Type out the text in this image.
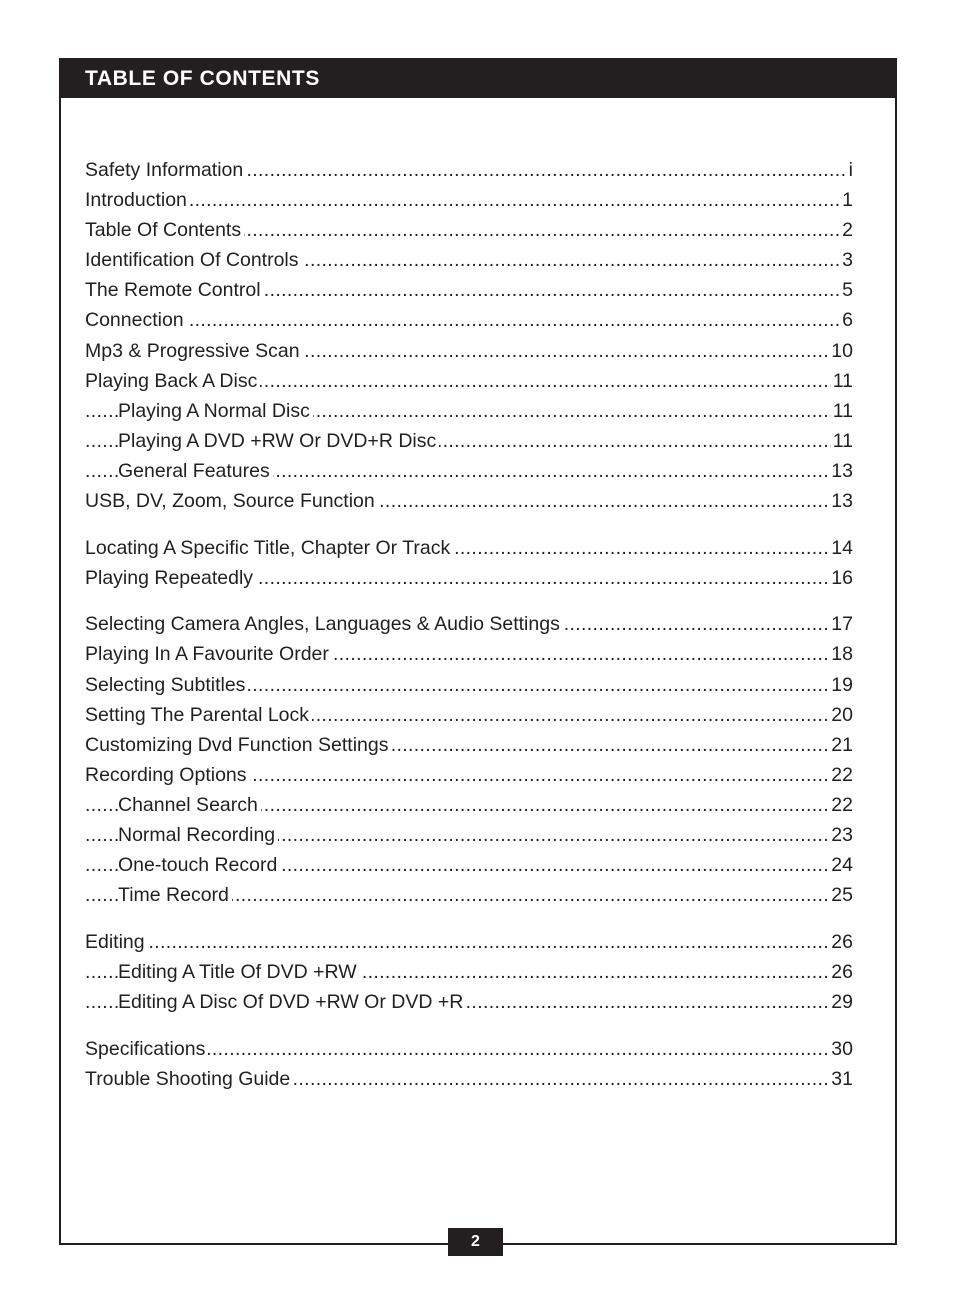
TABLE OF CONTENTS
Safety Information .....	i
Introduction .....	1
Table Of Contents .....	2
Identification Of Controls .....	3
The Remote Control .....	5
Connection .....	6
Mp3 & Progressive Scan .....	10
Playing Back A Disc .....	11
Playing A Normal Disc .....	11
Playing A DVD +RW Or DVD+R Disc .....	11
General Features .....	13
USB, DV, Zoom, Source Function .....	13
Locating A Specific Title, Chapter Or Track .....	14
Playing Repeatedly .....	16
Selecting Camera Angles, Languages & Audio Settings .....	17
Playing In A Favourite Order .....	18
Selecting Subtitles .....	19
Setting The Parental Lock .....	20
Customizing Dvd Function Settings .....	21
Recording Options .....	22
Channel Search .....	22
Normal Recording .....	23
One-touch Record .....	24
Time Record .....	25
Editing .....	26
Editing A Title Of DVD +RW .....	26
Editing A Disc Of DVD +RW Or DVD +R .....	29
Specifications .....	30
Trouble Shooting Guide .....	31
2
